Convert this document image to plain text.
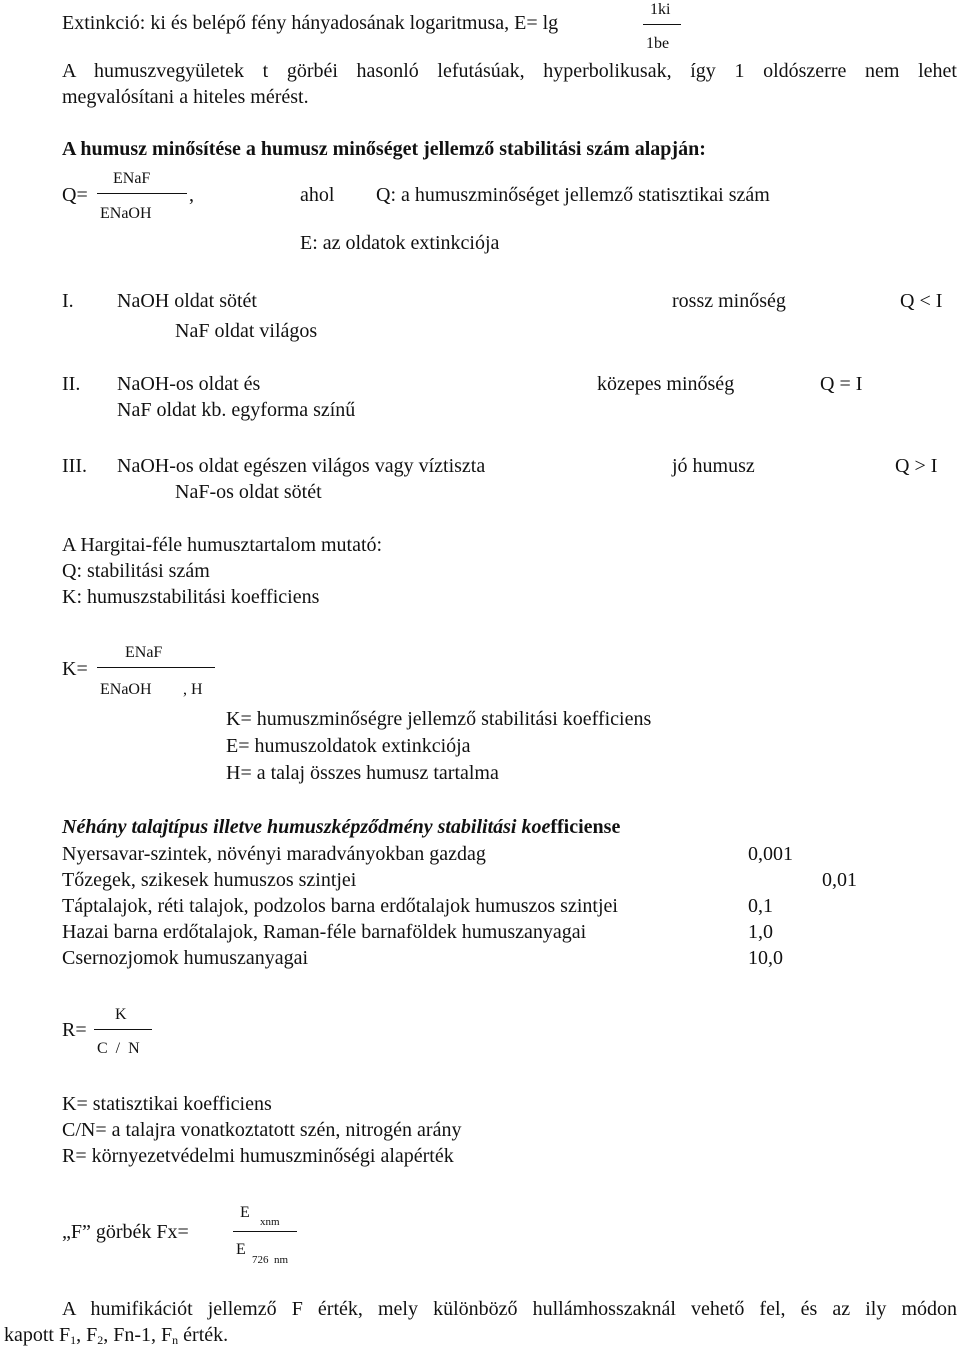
Extinkció: ki és belépő fény hányadosának logaritmusa, E= lg
1ki
1be
A humuszvegyületek t görbéi hasonló lefutásúak, hyperbolikusak, így 1 oldószerre nem lehet
megvalósítani a hiteles mérést.
A humusz minősítése a humusz minőséget jellemző stabilitási szám alapján:
Q=
ENaF
ENaOH
,	ahol Q: a humuszminőséget jellemző statisztikai szám
E: az oldatok extinkciója
I. NaOH oldat sötét	rossz minőség	Q < I
NaF oldat világos
II. NaOH-os oldat és	közepes minőség	Q = I
NaF oldat kb. egyforma színű
III. NaOH-os oldat egészen világos vagy víztiszta	jó humusz	Q > I
NaF-os oldat sötét
A Hargitai-féle humusztartalom mutató:
Q: stabilitási szám
K: humuszstabilitási koefficiens
K=
ENaF
ENaOH , H
K= humuszminőségre jellemző stabilitási koefficiens
E= humuszoldatok extinkciója
H= a talaj összes humusz tartalma
Néhány talajtípus illetve humuszképződmény stabilitási koefficiense
Nyersavar-szintek, növényi maradványokban gazdag	0,001
Tőzegek, szikesek humuszos szintjei	0,01
Táptalajok, réti talajok, podzolos barna erdőtalajok humuszos szintjei	0,1
Hazai barna erdőtalajok, Raman-féle barnaföldek humuszanyagai	1,0
Csernozjomok humuszanyagai	10,0
R=
K
C  /  N
K= statisztikai koefficiens
C/N= a talajra vonatkoztatott szén, nitrogén arány
R= környezetvédelmi humuszminőségi alapérték
„F” görbék Fx=
E
xnm
E
726  nm
A humifikációt jellemző F érték, mely különböző hullámhosszaknál vehető fel, és az ily módon
kapott $F_1$, $F_2$, Fn-1, $F_n$ érték.
